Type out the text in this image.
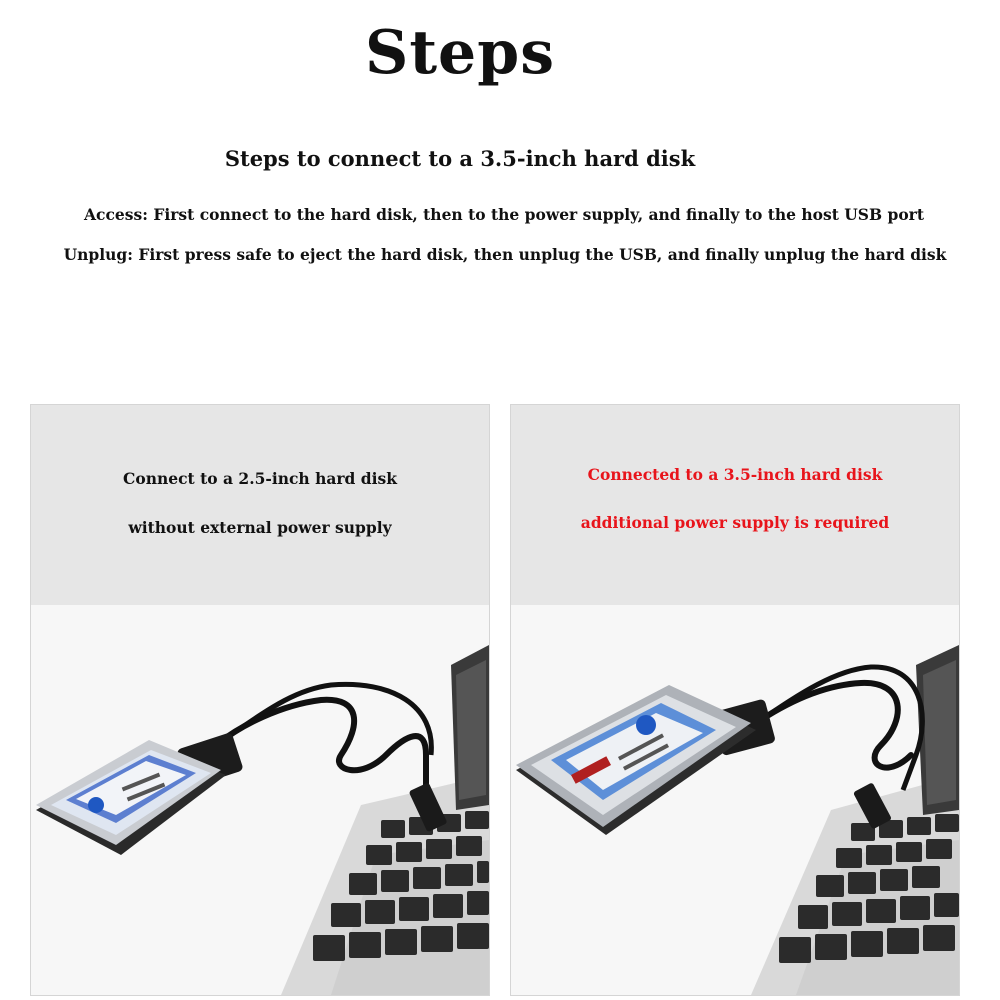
Steps
Steps to connect to a 3.5-inch hard disk
Access: First connect to the hard disk, then to the power supply, and finally to the host USB port
Unplug: First press safe to eject the hard disk, then unplug the USB, and finally unplug the hard disk
Connect to a 2.5-inch hard disk
without external power supply
Connected to a 3.5-inch hard disk
additional power supply is required
